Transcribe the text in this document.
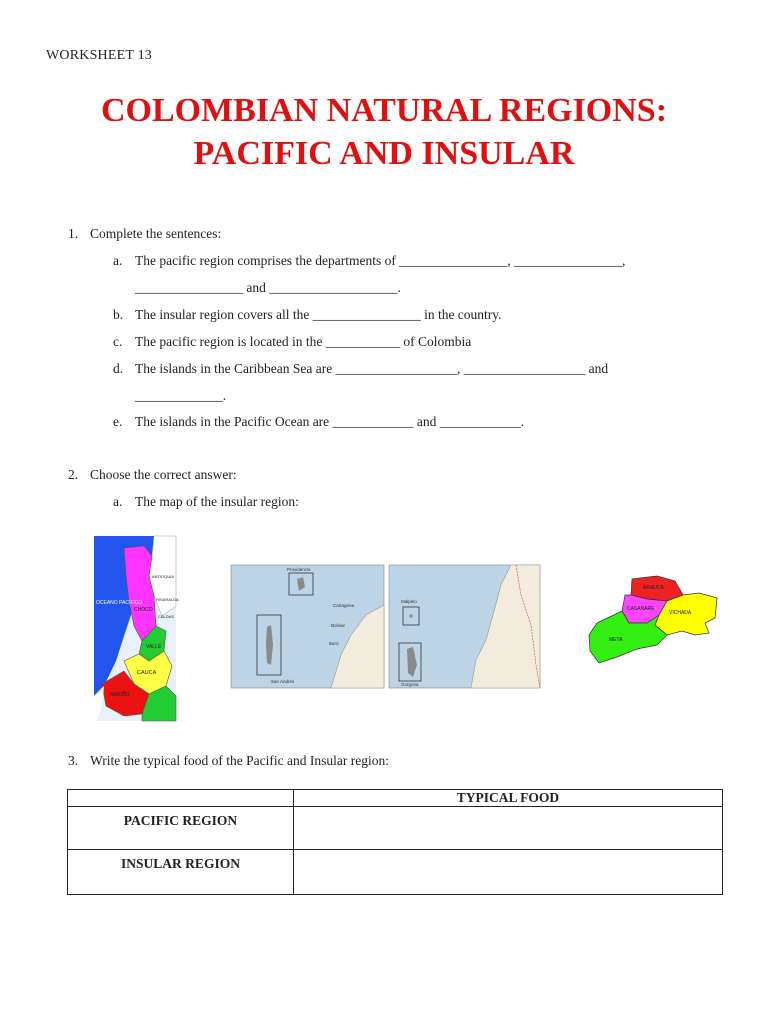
WORKSHEET 13
COLOMBIAN NATURAL REGIONS:
PACIFIC AND INSULAR
1. Complete the sentences:
a. The pacific region comprises the departments of ________________, ________________,
________________ and ___________________.
b. The insular region covers all the ________________ in the country.
c. The pacific region is located in the ___________ of Colombia
d. The islands in the Caribbean Sea are __________________, __________________ and
_____________.
e. The islands in the Pacific Ocean are ____________ and ____________.
2. Choose the correct answer:
a. The map of the insular region:
OCEANO PACIFICO
CHOCO
VALLE
CAUCA
NARIÑO
ANTIOQUIA
RISARALDA
CALDAS
San Andrés
Providencia
Bolívar
Cartagena
Barú
Malpelo
Gorgona
ARAUCA
CASANARE
VICHADA
META
3. Write the typical food of the Pacific and Insular region:
	TYPICAL FOOD
PACIFIC REGION	
INSULAR REGION	
